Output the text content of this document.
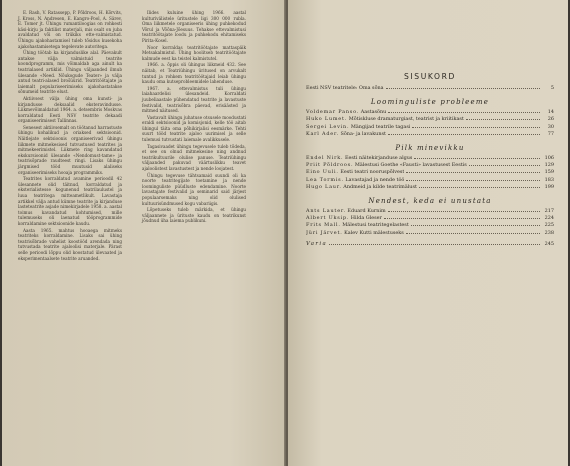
E. Rash, V. Ratassepp, P. Põldroos, H. Kõrvits, J. Kross, N. Andresen, E. Kangro-Pool, A. Särev, E. Tomer jt. Ühingu rumantiloogias on rohkesti käsi-kirju ja faktilist materjali, mis osalt on juba avaldatud või on trükiks ette-valmistatud. Ühingu ajakohastamisel tuleb tõsidus kusekoha ajakohastamisetega tegelevate autoritega.

Ühing töötab ka kirjanduslike alal. Päevakult antakse välja valmistuid teatrite koondprogramm, mis võimaldab aga ainult ka teatrialased artiklid. Ühingu väljaanded ilmub ülesande «Need. Nõukogude Teater» ja välja antud teatri-alased brošüürid. Teatritöötajate ja laiemalt populariseerimiseks ajakohastatakse sõnumeid teatrite elust.

Aktiivsest välja ühing oma kunsti- ja kirjandusse deksaalid eksteravindusse. Liikmevõimaldatud 1964. a. detsembris Moskvas korraldatud Eesti NSV teatrite dekaadi organiseerimisest Tallinnas.

Senesest aktiivsemalt on töötanud harrastuste ühingu kohalikud ja oriaksed sektsioonid. Näitlejate sektsioonis organiseerivad ühingu liikmete mitmekesised tutvustused teatrites ja mitmekeerimistel. Liikmete ring kavandatud ekskursioonid ülesande «Nendomust-tame» ja teatrisõprade raudteest ringi. Lisaks ühingu järgmised tööd muutusid alaliseks organiseerimiseks hooaja programmiks.

Teatrites korraldatud avamine perioodil 42 ülesannete olid täitnud, korraldatud ja eksterialistesse kogunenud teatrilaulustel ja luua teatritega mitteametlikult. Lavastaja artikkel välja antud kümne teatrite ja kirjanduse lasteteatrite asjade nimekirjadele 1958. a. aastal toimus kavandatud kohtumised, mille tulemuseks oli laenatud tööprogrammide korraldamine sektsioonide kaudu.

Aasta 1965. mahtus hooaega mitmeks teatriteks korraldamine. Lisaks sai ühing teatrisõbrade vahelist koostööd arendada ning tutvustada teatrite ajaloolisi materjale. Pärast selle perioodi lõppu olid koostatud ülevaated ja eksperimentaalsete teatrite aruanded.

Ilides kuluine ühing 1966. aastal kulturivälistele üritustele ligi 300 000 rubla. Oma liikmetele organiseeris ühing puhkekodud Võrul ja Võõna-Jõesuus. Tehakse ettevalmistusi teatritöötajate loodu ja puhkekodu ehitamiseks Pirita-Kosel.

Noor korraldas teatritöötajate mattaspäik Metsakalmistul. Ühing hoolitseb teatritöötajate kalmude eest ka teistel kalmistutel.

1966. a. õppis oli ühingus liikmeid 432. See näitab, et Teatriühingu üritused on arvukalt tuntud ja rohkem teatritöötajaid leiab ühingu kaudu oma kutseprobleemidele lahenduse.

1967. a. ettevalmistus tuli ühingu laiahaardelisi ülesandeid. Korraldati juubeliaastale pühendatud teatrite ja lavastuste festivalid, teatrisõbra päevad, erisäästed ja mitmed näitused.

Vastavalt ühingu juhatuse otsusele moodustati eraldi sektsioonid ja komisjonid, kelle töö aitab ühingul täita oma põhikirjalisi eesmärke. Tehti suurt tööd teatrite ajaloo uurimisel ja selle tulemusi tutvustati laiemale avalikkusele.

Tagasivaadet ühingu tegevusele tuleb tõdeda, et see on olnud mitmekesine ning andnud teatrikultuurile olulise panuse. Teatriühingu väljaanded pakuvad väärtuslikku teavet ajaloolistest lavastustest ja nende loojatest.

Ühingu tegevuse tähtsamaid suundi oli ka noorte teatritegijate toetamine ja nende loominguliste püüdluste edendamine. Noorte lavastajate festivalid ja seminarid said järjest populaarsemaks ning olid olulised kultuurisündmused kogu vabariigis.

Lõpetuseks tuleb märkida, et ühingu väljaannete ja ürituste kaudu on teatrikunst jõudnud üha laiema publikuni.

SISUKORD
Eesti NSV teatritele: Oma sõna	5
Loominguliste probleeme
Voldemar Panso. Aastasõnu	14
Huko Lumet. Mõtiskluse dramaturgiast, teatrist ja kriitikast	26
Sergei Levin. Mängijad teatrile tagasi	30
Karl Ader. Sõna- ja lavakunst	77
Pilk minevikku
Endel Nirk. Eesti näitekirjanduse algus	106
Priit Põldroos. Mälestusi Goethe «Fausti» lavastusest Eestis	129
Eino Uuli. Eesti teatri nooruspõlvest	159
Lea Tormis. Lavastajad ja nende töö	183
Hugo Laur. Andmeid ja kilde teatrimälust	199
Nendest, keda ei unustata
Ants Lauter. Eduard Kurnim	217
Albert Üksip. Hilda Gleser	224
Frits Mall. Mälestusi teatritegelastest	225
Jüri Järvet. Kalev Kutti mälestuseks	238
Varia	245
